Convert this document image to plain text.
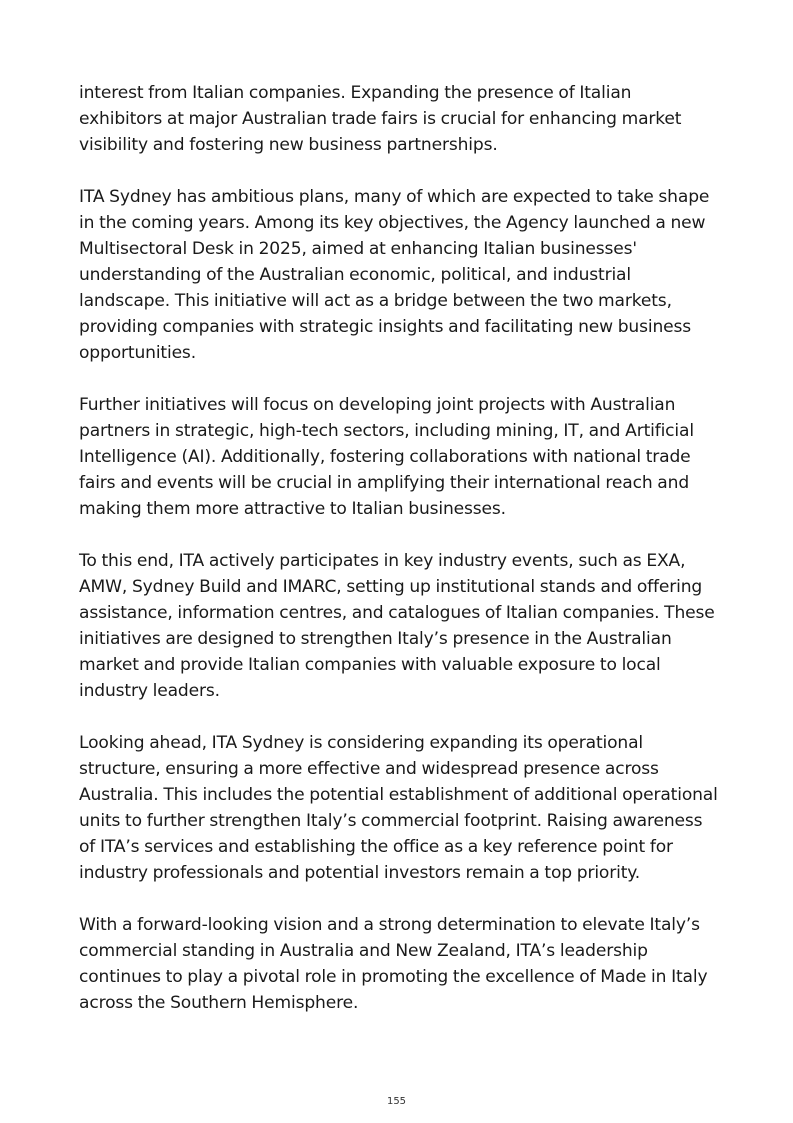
interest from Italian companies. Expanding the presence of Italian exhibitors at major Australian trade fairs is crucial for enhancing market visibility and fostering new business partnerships.

ITA Sydney has ambitious plans, many of which are expected to take shape in the coming years. Among its key objectives, the Agency launched a new Multisectoral Desk in 2025, aimed at enhancing Italian businesses' understanding of the Australian economic, political, and industrial landscape. This initiative will act as a bridge between the two markets, providing companies with strategic insights and facilitating new business opportunities.

Further initiatives will focus on developing joint projects with Australian partners in strategic, high-tech sectors, including mining, IT, and Artificial Intelligence (AI). Additionally, fostering collaborations with national trade fairs and events will be crucial in amplifying their international reach and making them more attractive to Italian businesses.

To this end, ITA actively participates in key industry events, such as EXA, AMW, Sydney Build and IMARC, setting up institutional stands and offering assistance, information centres, and catalogues of Italian companies. These initiatives are designed to strengthen Italy’s presence in the Australian market and provide Italian companies with valuable exposure to local industry leaders.

Looking ahead, ITA Sydney is considering expanding its operational structure, ensuring a more effective and widespread presence across Australia. This includes the potential establishment of additional operational units to further strengthen Italy’s commercial footprint. Raising awareness of ITA’s services and establishing the office as a key reference point for industry professionals and potential investors remain a top priority.

With a forward-looking vision and a strong determination to elevate Italy’s commercial standing in Australia and New Zealand, ITA’s leadership continues to play a pivotal role in promoting the excellence of Made in Italy across the Southern Hemisphere.

155
